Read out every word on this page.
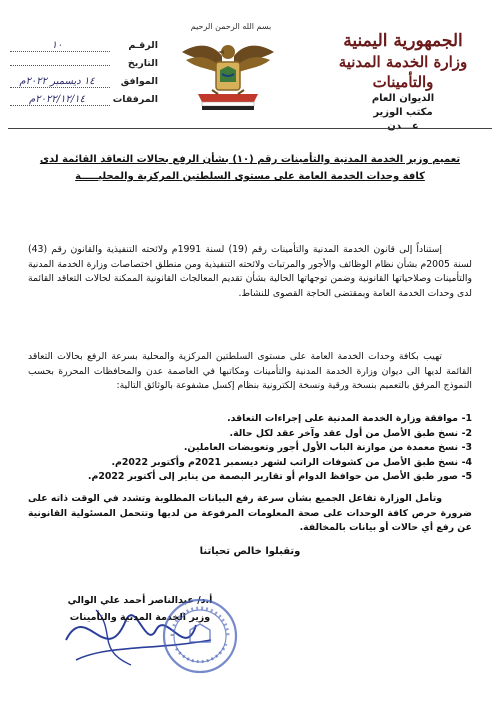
الجمهورية اليمنية
وزارة الخدمة المدنية والتأمينات
الديوان العام
مكتب الوزير
عـــدن
بسم الله الرحمن الرحيم
الرقـم
١٠
التاريخ
الموافق
١٤ ديسمبر ٢٠٢٢م
المرفقات
٢٠٢٢/١٢/١٤م
تعميم وزير الخدمة المدنية والتأمينات رقم (١٠) بشأن الرفع بحالات التعاقد القائمة لدى
كافة وحدات الخدمة العامة على مستوى السلطتين المركزية والمحليـــــة

إستناداً إلى قانون الخدمة المدنية والتأمينات رقم (19) لسنة 1991م ولائحته التنفيذية والقانون رقم (43) لسنة 2005م بشأن نظام الوظائف والأجور والمرتبات ولائحته التنفيذية ومن منطلق اختصاصات وزارة الخدمة المدنية والتأمينات وصلاحياتها القانونية وضمن توجهاتها الحالية بشأن تقديم المعالجات القانونية الممكنة لحالات التعاقد القائمة لدى وحدات الخدمة العامة وبمقتضى الحاجة القصوى للنشاط.

تهيب بكافة وحدات الخدمة العامة على مستوى السلطتين المركزية والمحلية بسرعة الرفع بحالات التعاقد القائمة لديها الى ديوان وزارة الخدمة المدنية والتأمينات ومكاتبها في العاصمة عدن والمحافظات المحررة بحسب النموذج المرفق بالتعميم بنسخة ورقية ونسخة إلكترونية بنظام إكسل مشفوعة بالوثائق التالية:

1-
موافقة وزارة الخدمة المدنية على إجراءات التعاقد.
2-
نسخ طبق الأصل من أول عقد وآخر عقد لكل حالة.
3-
نسخ معمدة من موازنة الباب الأول أجور وتعويضات العاملين.
4-
نسخ طبق الأصل من كشوفات الراتب لشهر ديسمبر 2021م وأكتوبر 2022م.
5-
صور طبق الأصل من حوافظ الدوام أو تقارير البصمة من يناير إلى أكتوبر 2022م.

وتأمل الوزارة تفاعل الجميع بشأن سرعة رفع البيانات المطلوبة وتشدد في الوقت ذاته على ضرورة حرص كافة الوحدات على صحة المعلومات المرفوعة من لديها وتتحمل المسئولية القانونية عن رفع أي حالات أو بيانات بالمخالفة.

وتقبلوا خالص تحياتنا
أ.د/ عبدالناصر أحمد علي الوالي
وزير الخدمة المدنية والتأمينات
